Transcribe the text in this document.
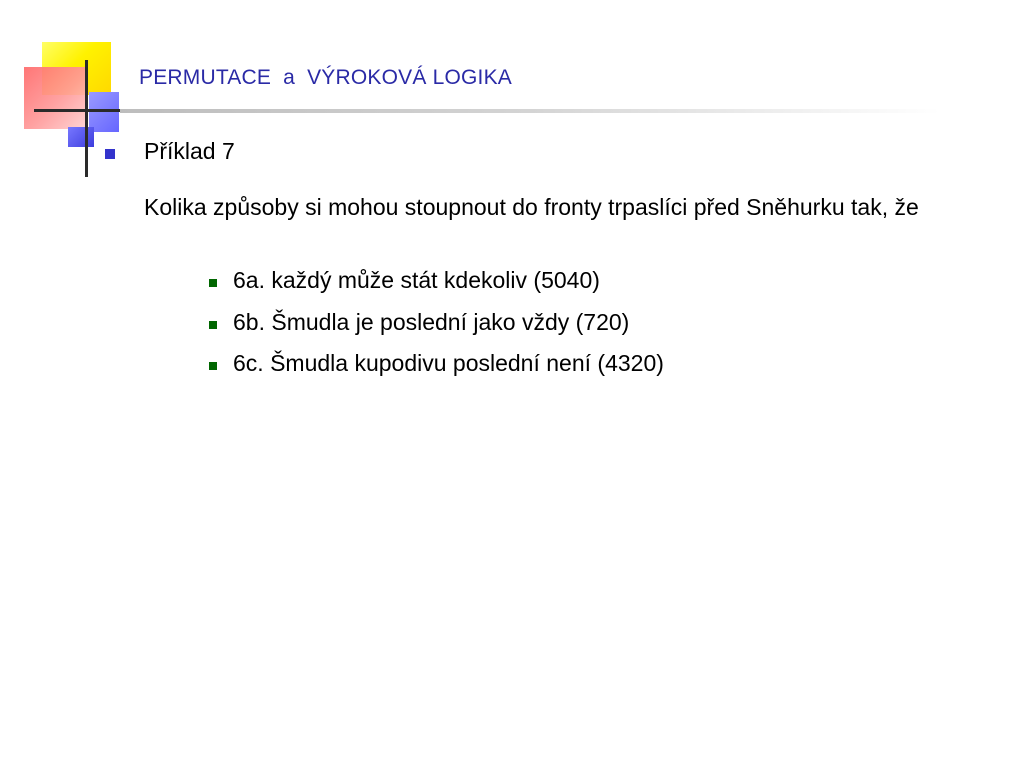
PERMUTACE  a  VÝROKOVÁ LOGIKA
Příklad 7
Kolika způsoby si mohou stoupnout do fronty trpaslíci před Sněhurku tak, že
6a. každý může stát kdekoliv (5040)
6b. Šmudla je poslední jako vždy (720)
6c. Šmudla kupodivu poslední není (4320)
